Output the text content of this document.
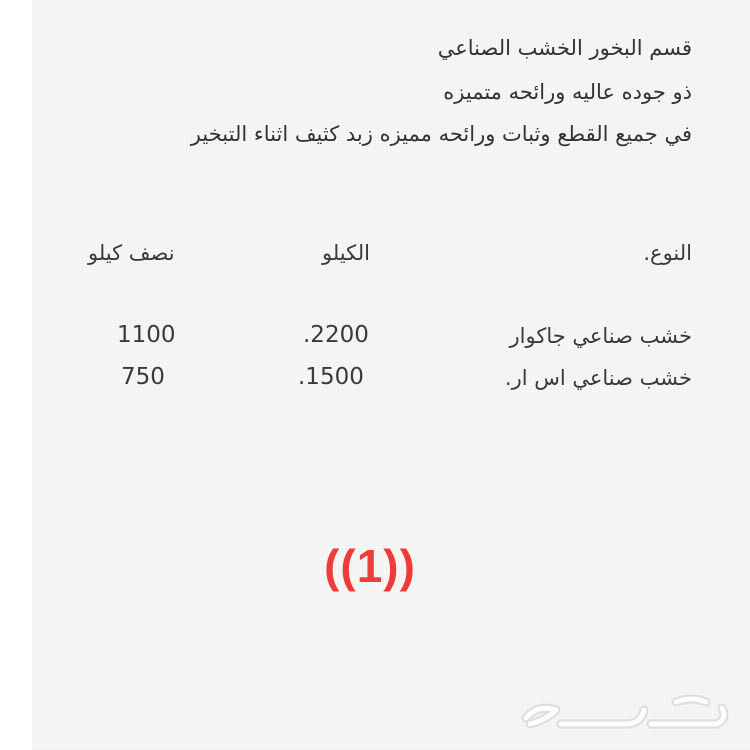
قسم البخور الخشب الصناعي
ذو جوده عاليه ورائحه متميزه
في جميع القطع وثبات ورائحه مميزه زبد كثيف اثناء التبخير
النوع.
الكيلو
نصف كيلو
خشب صناعي جاكوار
.2200
1100
خشب صناعي اس ار.
.1500
750
((1))
